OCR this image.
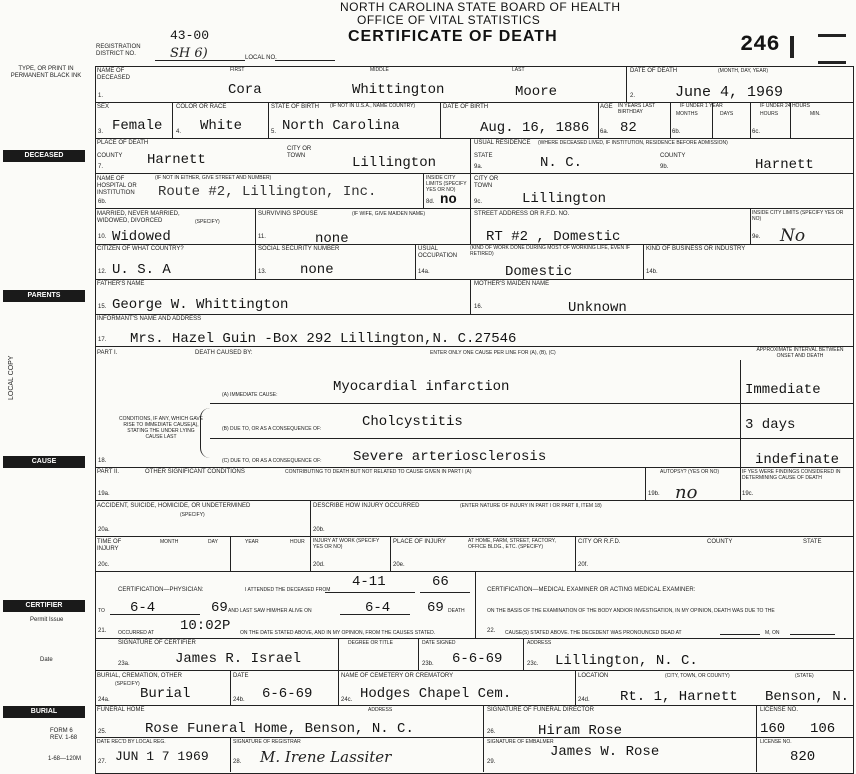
NORTH CAROLINA STATE BOARD OF HEALTH
OFFICE OF VITAL STATISTICS
CERTIFICATE OF DEATH
43-00
REGISTRATION DISTRICT NO.	SH 6)	LOCAL NO.
246
TYPE, OR PRINT IN PERMANENT BLACK INK
DECEASED
PARENTS
LOCAL COPY
CAUSE
CERTIFIER
Permit Issue
Date
BURIAL
FORM 6 REV. 1-68
1-68—120M
NAME OF DECEASED
FIRST	MIDDLE	LAST
Cora	Whittington	Moore
1.
DATE OF DEATH	(MONTH, DAY, YEAR)
June 4, 1969
2.
SEX
Female
3.
COLOR OR RACE
White
4.
STATE OF BIRTH (IF NOT IN U.S.A., NAME COUNTRY)
North Carolina
5.
DATE OF BIRTH
Aug. 16, 1886
AGE IN YEARS LAST BIRTHDAY
82
6a.
IF UNDER 1 YEAR
MONTHS
6b.
DAYS
IF UNDER 24 HOURS
HOURS	MIN.
6c.
PLACE OF DEATH
COUNTY Harnett
7.
CITY OR TOWN	Lillington
USUAL RESIDENCE (WHERE DECEASED LIVED, IF INSTITUTION, RESIDENCE BEFORE ADMISSION)
STATE	N. C.
9a.
COUNTY
Harnett
9b.
NAME OF HOSPITAL OR INSTITUTION
(IF NOT IN EITHER, GIVE STREET AND NUMBER)
Route #2, Lillington, Inc.
6b.
INSIDE CITY LIMITS (SPECIFY YES OR NO)
no
8d.
CITY OR TOWN
Lillington
9c.
MARRIED, NEVER MARRIED, WIDOWED, DIVORCED	(SPECIFY)
10. Widowed
SURVIVING SPOUSE	(IF WIFE, GIVE MAIDEN NAME)
none
11.
STREET ADDRESS OR R.F.D. NO.
RT #2 , Domestic
INSIDE CITY LIMITS (SPECIFY YES OR NO)
No
9e.
CITIZEN OF WHAT COUNTRY?
U. S. A
12.
SOCIAL SECURITY NUMBER
none
13.
USUAL OCCUPATION
(KIND OF WORK DONE DURING MOST OF WORKING LIFE, EVEN IF RETIRED)
Domestic
14a.
KIND OF BUSINESS OR INDUSTRY
14b.
FATHER'S NAME
George W. Whittington
15.
MOTHER'S MAIDEN NAME
Unknown
16.
INFORMANT'S NAME AND ADDRESS
Mrs. Hazel Guin -Box 292 Lillington,N. C.27546
17.
PART I.	DEATH CAUSED BY:	ENTER ONLY ONE CAUSE PER LINE FOR (A), (B), (C)	APPROXIMATE INTERVAL BETWEEN ONSET AND DEATH
(A) IMMEDIATE CAUSE:	Myocardial infarction	Immediate
CONDITIONS, IF ANY, WHICH GAVE RISE TO IMMEDIATE CAUSE(A), STATING THE UNDER LYING CAUSE LAST
(B) DUE TO, OR AS A CONSEQUENCE OF:	Cholcystitis	3 days
(C) DUE TO, OR AS A CONSEQUENCE OF: Severe arteriosclerosis	indefinate
18.
PART II.	OTHER SIGNIFICANT CONDITIONS	CONTRIBUTING TO DEATH BUT NOT RELATED TO CAUSE GIVEN IN PART I (A)
19a.
AUTOPSY? (YES OR NO)
no
19b.
IF YES WERE FINDINGS CONSIDERED IN DETERMINING CAUSE OF DEATH
19c.
ACCIDENT, SUICIDE, HOMICIDE, OR UNDETERMINED
(SPECIFY)
20a.
DESCRIBE HOW INJURY OCCURRED	(ENTER NATURE OF INJURY IN PART I OR PART II, ITEM 18)
20b.
TIME OF INJURY
MONTH	DAY	YEAR	HOUR
20c.
INJURY AT WORK (SPECIFY YES OR NO)
20d.
PLACE OF INJURY	AT HOME, FARM, STREET, FACTORY, OFFICE BLDG., ETC. (SPECIFY)
20e.
CITY OR R.F.D.	COUNTY	STATE
20f.
CERTIFICATION—PHYSICIAN:	I ATTENDED THE DECEASED FROM 4-11	66
TO 6-4	69 AND LAST SAW HIM/HER ALIVE ON	6-4	69 DEATH
OCCURRED AT 10:02P ON THE DATE STATED ABOVE, AND IN MY OPINION, FROM THE CAUSES STATED.
21.
CERTIFICATION—MEDICAL EXAMINER OR ACTING MEDICAL EXAMINER:
ON THE BASIS OF THE EXAMINATION OF THE BODY AND/OR INVESTIGATION, IN MY OPINION, DEATH WAS DUE TO THE
CAUSE(S) STATED ABOVE. THE DECEDENT WAS PRONOUNCED DEAD AT	M, ON
22.
SIGNATURE OF CERTIFIER
James R. Israel
23a.
DEGREE OR TITLE	DATE SIGNED
6-6-69
23b.
ADDRESS
Lillington, N. C.
23c.
BURIAL, CREMATION, OTHER
(SPECIFY)
Burial
24a.
DATE
6-6-69
24b.
NAME OF CEMETERY OR CREMATORY
Hodges Chapel Cem.
24c.
LOCATION	(CITY, TOWN, OR COUNTY)	(STATE)
Rt. 1, Harnett Benson, N.
24d.
FUNERAL HOME	ADDRESS
Rose Funeral Home, Benson, N. C.
25.
SIGNATURE OF FUNERAL DIRECTOR
Hiram Rose
26.
LICENSE NO.
160 106
DATE REC'D BY LOCAL REG.
27. JUN 1 7 1969
SIGNATURE OF REGISTRAR
28. M. Irene Lassiter
SIGNATURE OF EMBALMER
James W. Rose
29.
LICENSE NO.
820
